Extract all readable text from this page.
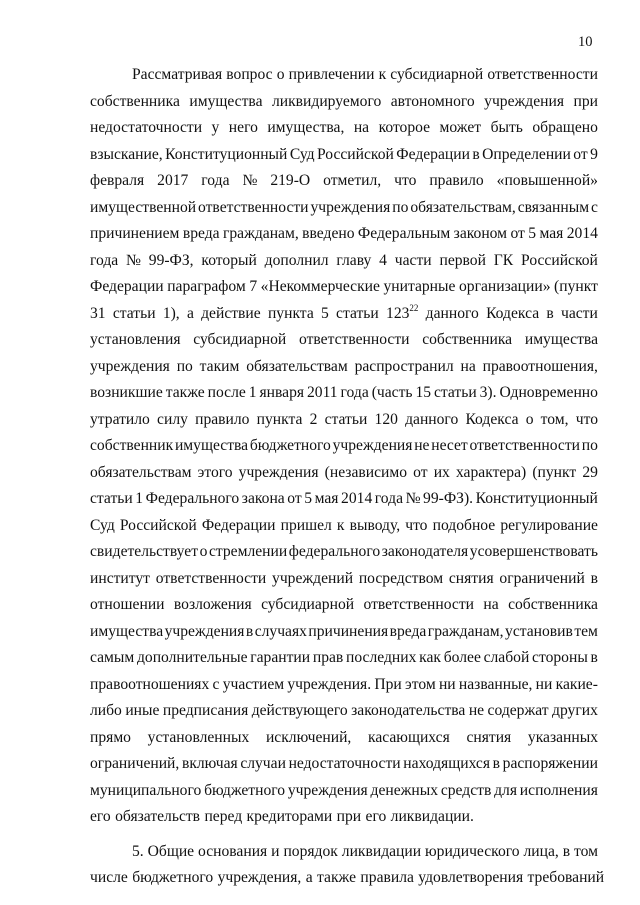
10
Рассматривая вопрос о привлечении к субсидиарной ответственности
собственника имущества ликвидируемого автономного учреждения при
недостаточности у него имущества, на которое может быть обращено
взыскание, Конституционный Суд Российской Федерации в Определении от 9
февраля 2017 года № 219-О отметил, что правило «повышенной»
имущественной ответственности учреждения по обязательствам, связанным с
причинением вреда гражданам, введено Федеральным законом от 5 мая 2014
года № 99-ФЗ, который дополнил главу 4 части первой ГК Российской
Федерации параграфом 7 «Некоммерческие унитарные организации» (пункт
31 статьи 1), а действие пункта 5 статьи $123^{22}$ данного Кодекса в части
установления субсидиарной ответственности собственника имущества
учреждения по таким обязательствам распространил на правоотношения,
возникшие также после 1 января 2011 года (часть 15 статьи 3). Одновременно
утратило силу правило пункта 2 статьи 120 данного Кодекса о том, что
собственник имущества бюджетного учреждения не несет ответственности по
обязательствам этого учреждения (независимо от их характера) (пункт 29
статьи 1 Федерального закона от 5 мая 2014 года № 99-ФЗ). Конституционный
Суд Российской Федерации пришел к выводу, что подобное регулирование
свидетельствует о стремлении федерального законодателя усовершенствовать
институт ответственности учреждений посредством снятия ограничений в
отношении возложения субсидиарной ответственности на собственника
имущества учреждения в случаях причинения вреда гражданам, установив тем
самым дополнительные гарантии прав последних как более слабой стороны в
правоотношениях с участием учреждения. При этом ни названные, ни какие-
либо иные предписания действующего законодательства не содержат других
прямо установленных исключений, касающихся снятия указанных
ограничений, включая случаи недостаточности находящихся в распоряжении
муниципального бюджетного учреждения денежных средств для исполнения
его обязательств перед кредиторами при его ликвидации.
5. Общие основания и порядок ликвидации юридического лица, в том
числе бюджетного учреждения, а также правила удовлетворения требований
